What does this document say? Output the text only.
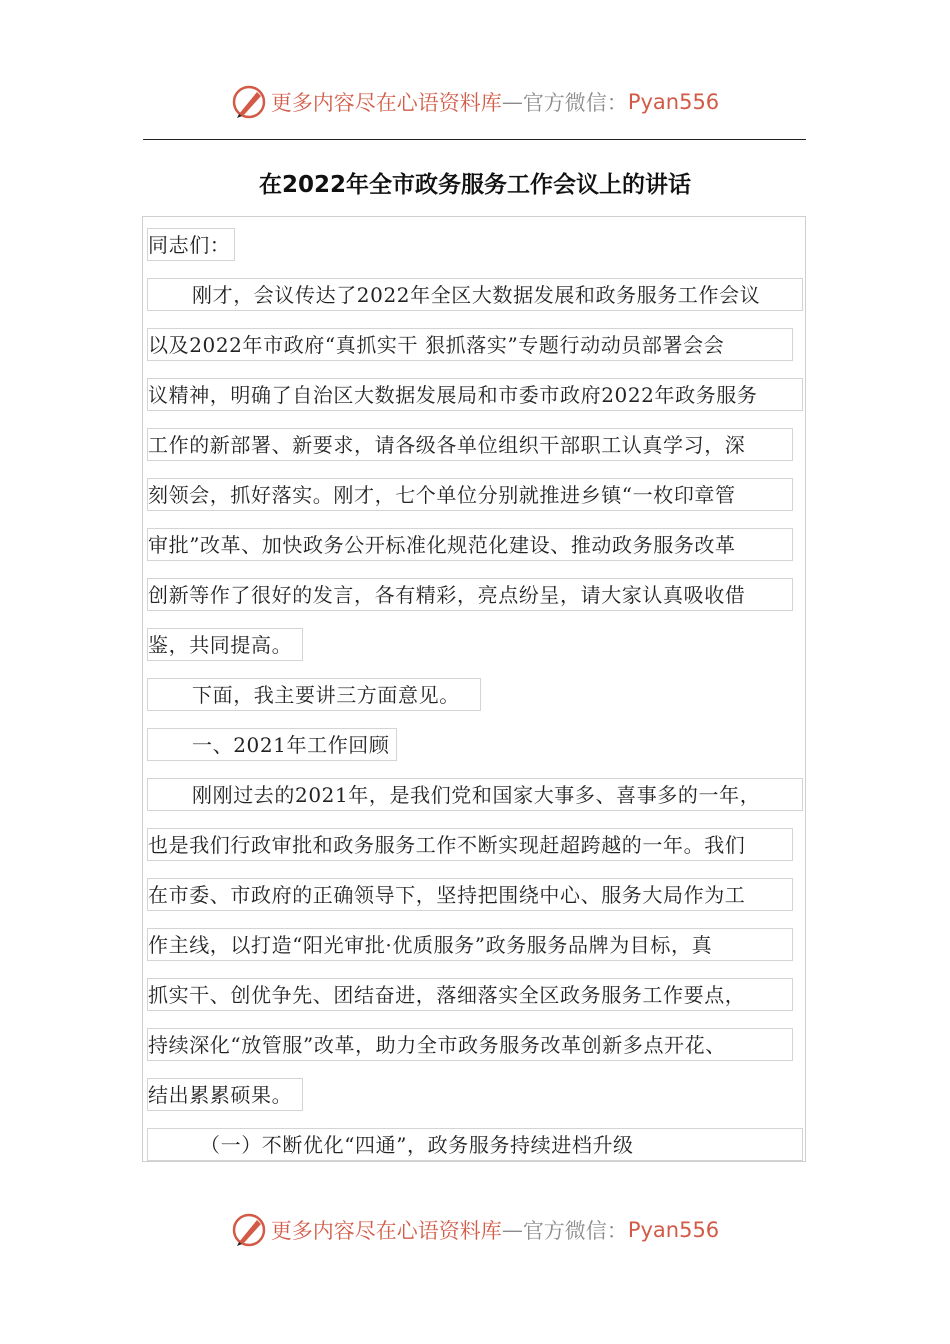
更多内容尽在心语资料库 — 官方微信： Pyan556
在2022年全市政务服务工作会议上的讲话
同志们：
刚才，会议传达了2022年全区大数据发展和政务服务工作会议
以及2022年市政府“真抓实干 狠抓落实”专题行动动员部署会会
议精神，明确了自治区大数据发展局和市委市政府2022年政务服务
工作的新部署、新要求，请各级各单位组织干部职工认真学习，深
刻领会，抓好落实。刚才，七个单位分别就推进乡镇“一枚印章管
审批”改革、加快政务公开标准化规范化建设、推动政务服务改革
创新等作了很好的发言，各有精彩，亮点纷呈，请大家认真吸收借
鉴，共同提高。
下面，我主要讲三方面意见。
一、2021年工作回顾
刚刚过去的2021年，是我们党和国家大事多、喜事多的一年，
也是我们行政审批和政务服务工作不断实现赶超跨越的一年。我们
在市委、市政府的正确领导下，坚持把围绕中心、服务大局作为工
作主线，以打造“阳光审批·优质服务”政务服务品牌为目标，真
抓实干、创优争先、团结奋进，落细落实全区政务服务工作要点，
持续深化“放管服”改革，助力全市政务服务改革创新多点开花、
结出累累硕果。
（一）不断优化“四通”，政务服务持续进档升级
更多内容尽在心语资料库 — 官方微信： Pyan556
